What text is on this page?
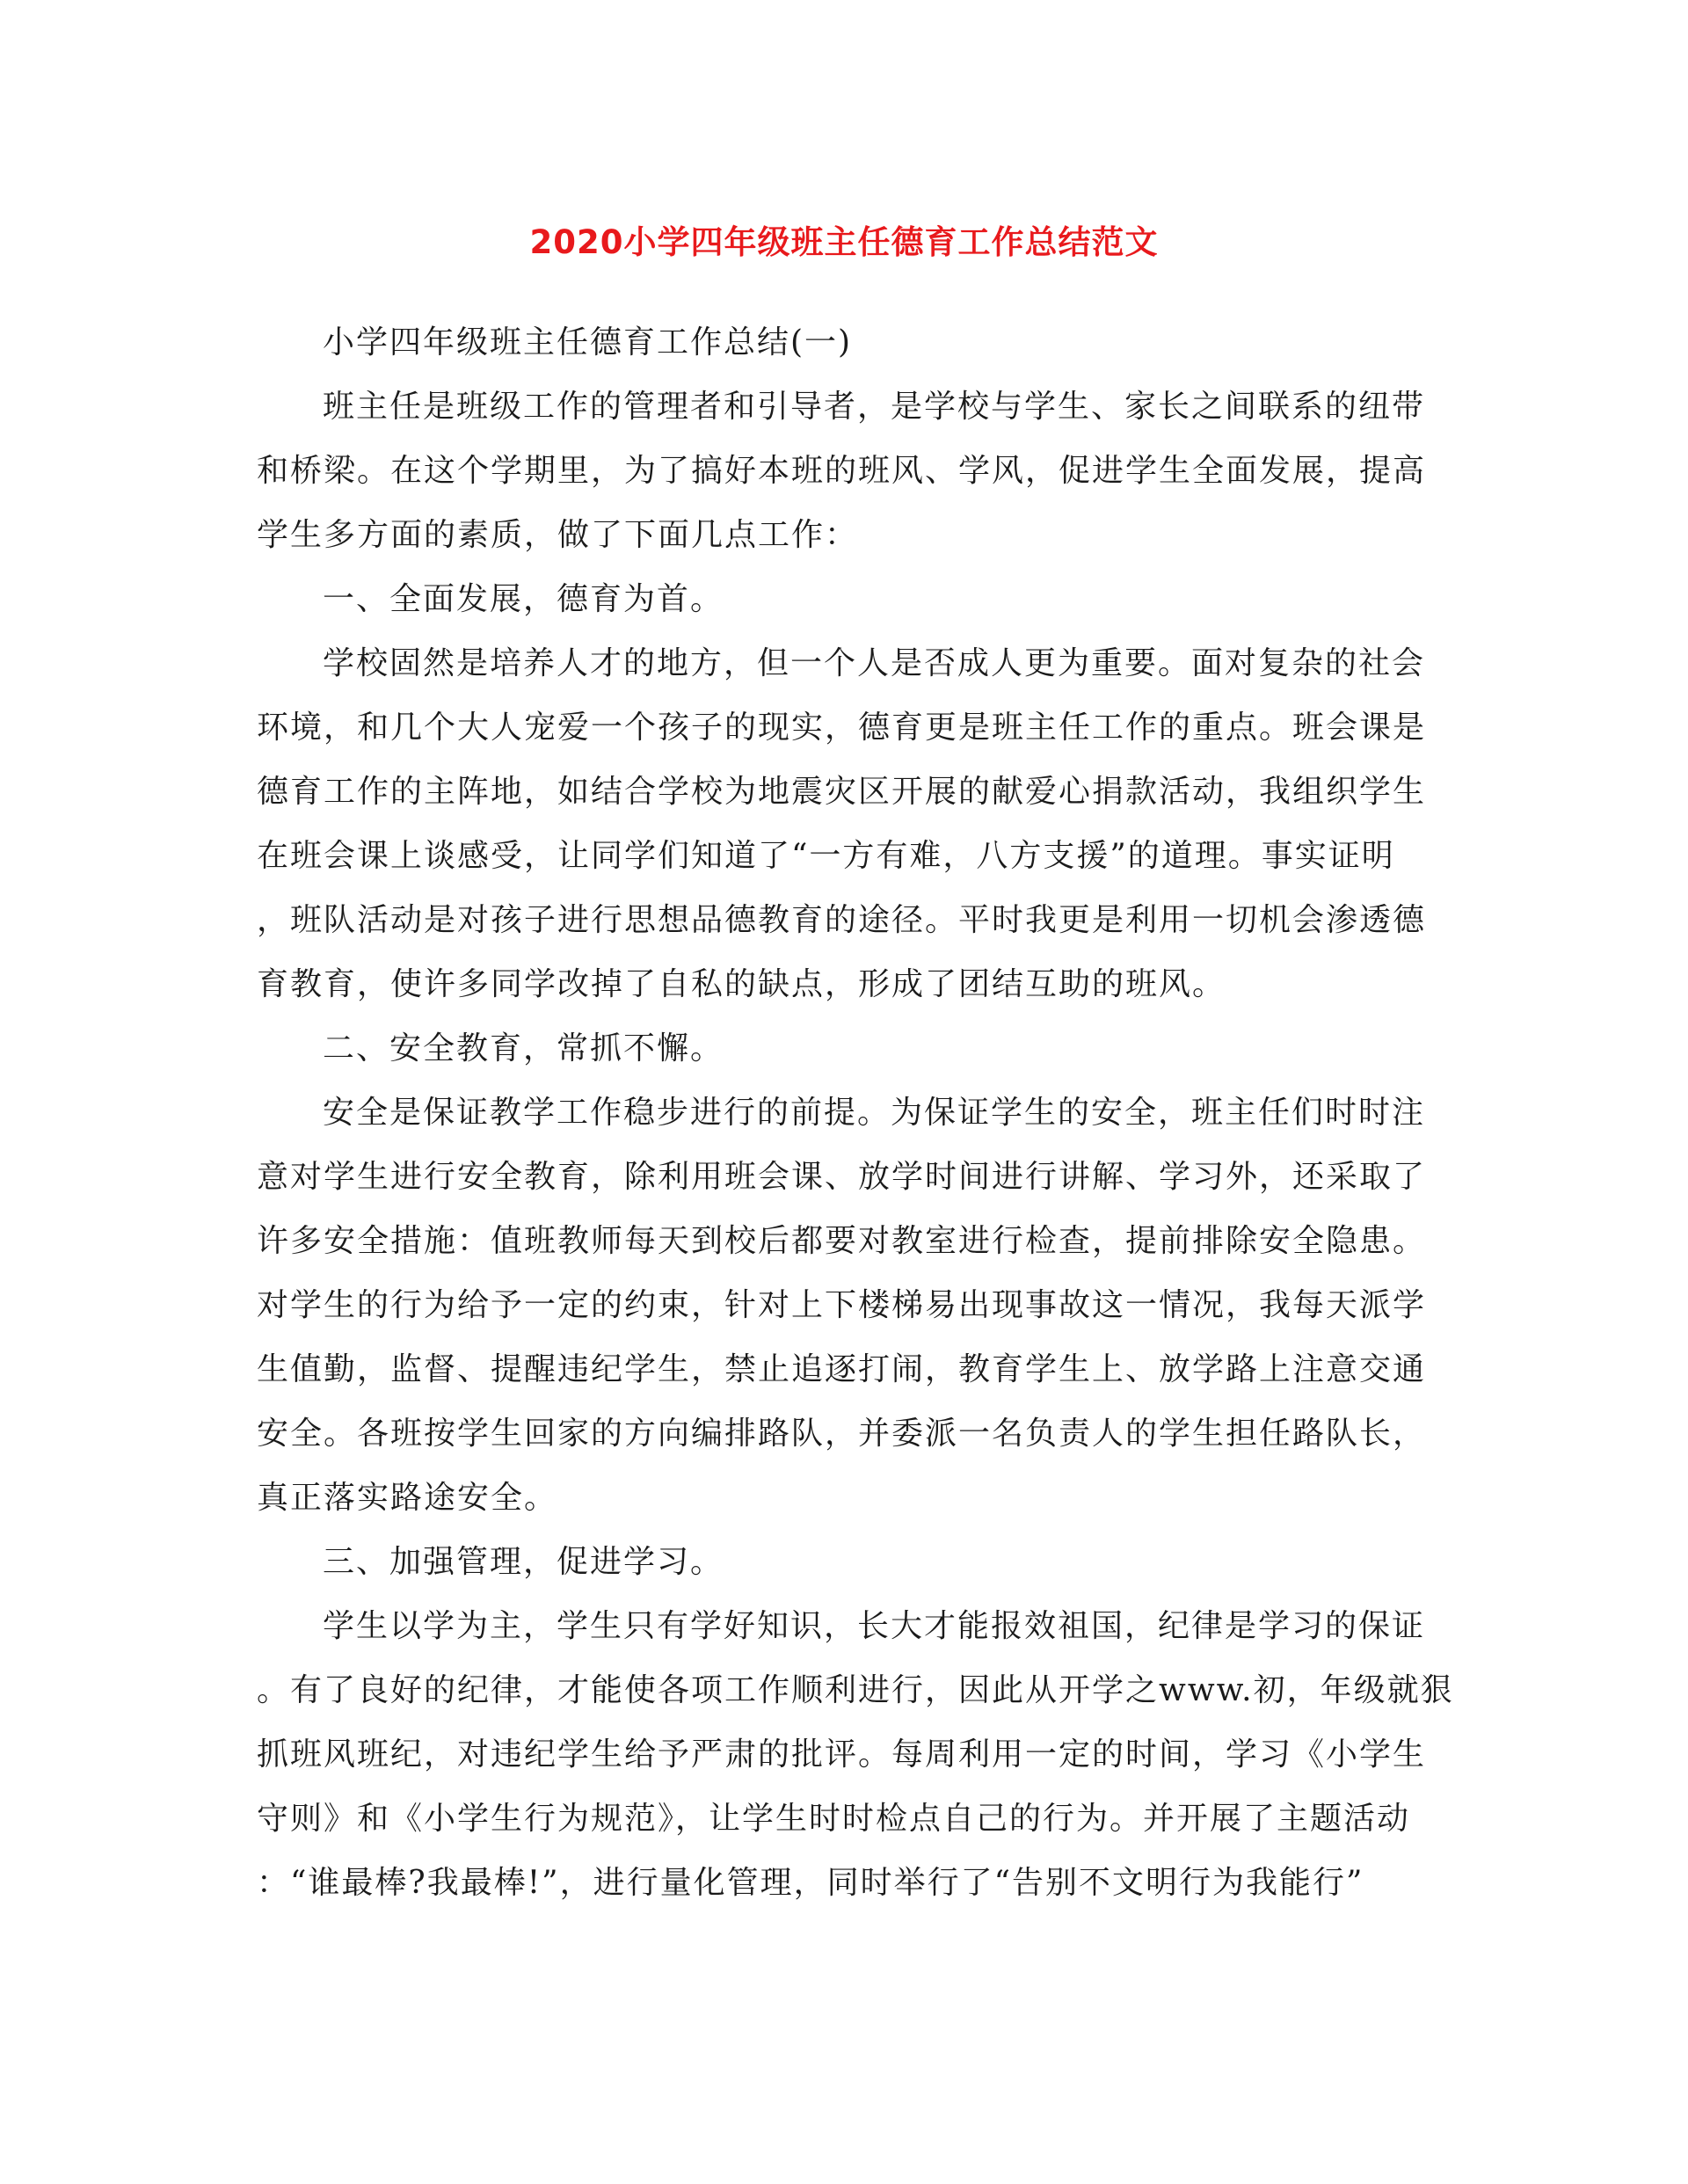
2020小学四年级班主任德育工作总结范文
小学四年级班主任德育工作总结(一)
班主任是班级工作的管理者和引导者，是学校与学生、家长之间联系的纽带
和桥梁。在这个学期里，为了搞好本班的班风、学风，促进学生全面发展，提高
学生多方面的素质，做了下面几点工作：
一、全面发展，德育为首。
学校固然是培养人才的地方，但一个人是否成人更为重要。面对复杂的社会
环境，和几个大人宠爱一个孩子的现实，德育更是班主任工作的重点。班会课是
德育工作的主阵地，如结合学校为地震灾区开展的献爱心捐款活动，我组织学生
在班会课上谈感受，让同学们知道了“一方有难，八方支援”的道理。事实证明
，班队活动是对孩子进行思想品德教育的途径。平时我更是利用一切机会渗透德
育教育，使许多同学改掉了自私的缺点，形成了团结互助的班风。
二、安全教育，常抓不懈。
安全是保证教学工作稳步进行的前提。为保证学生的安全，班主任们时时注
意对学生进行安全教育，除利用班会课、放学时间进行讲解、学习外，还采取了
许多安全措施：值班教师每天到校后都要对教室进行检查，提前排除安全隐患。
对学生的行为给予一定的约束，针对上下楼梯易出现事故这一情况，我每天派学
生值勤，监督、提醒违纪学生，禁止追逐打闹，教育学生上、放学路上注意交通
安全。各班按学生回家的方向编排路队，并委派一名负责人的学生担任路队长，
真正落实路途安全。
三、加强管理，促进学习。
学生以学为主，学生只有学好知识，长大才能报效祖国，纪律是学习的保证
。有了良好的纪律，才能使各项工作顺利进行，因此从开学之www.初，年级就狠
抓班风班纪，对违纪学生给予严肃的批评。每周利用一定的时间，学习《小学生
守则》和《小学生行为规范》，让学生时时检点自己的行为。并开展了主题活动
：“谁最棒?我最棒!”，进行量化管理，同时举行了“告别不文明行为我能行”
